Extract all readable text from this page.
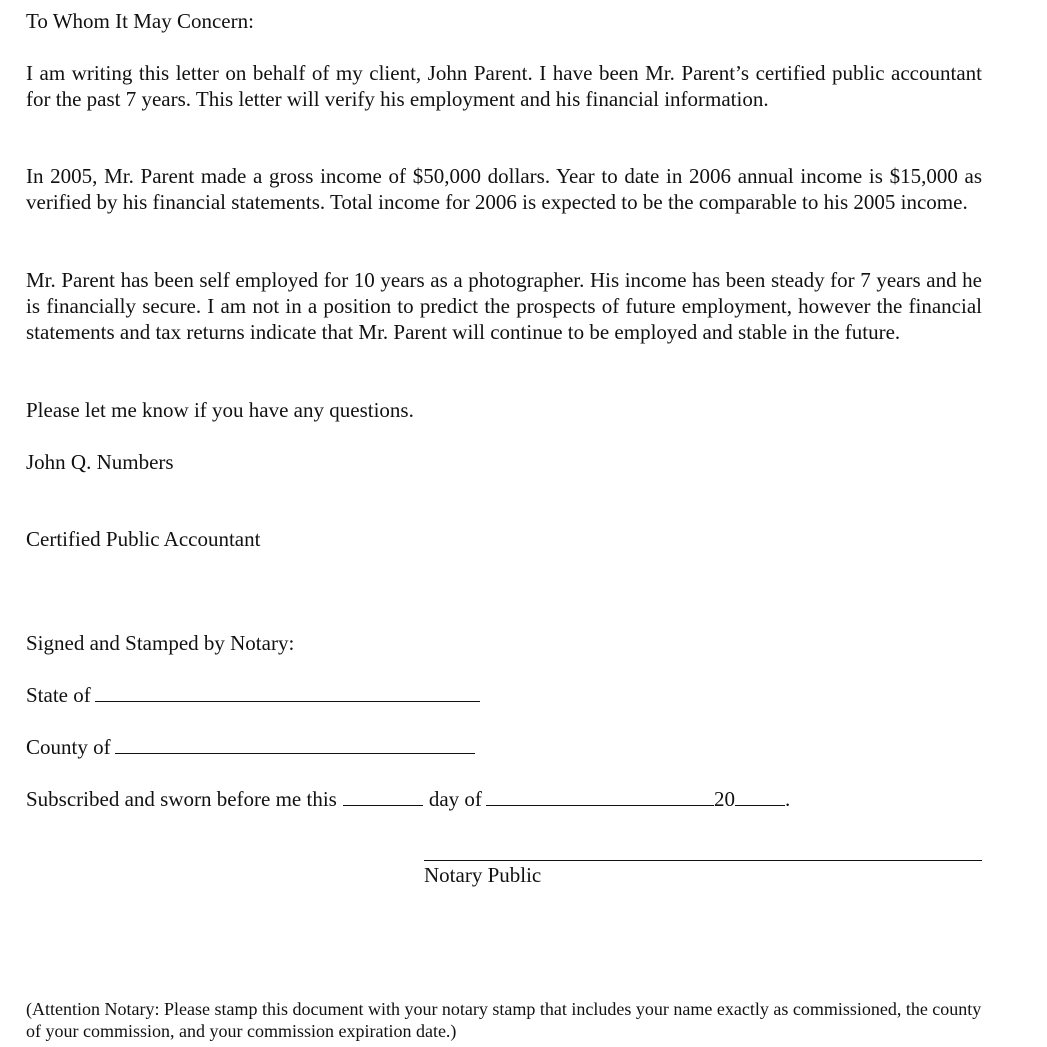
To Whom It May Concern:

I am writing this letter on behalf of my client, John Parent. I have been Mr. Parent’s certified public accountant for the past 7 years. This letter will verify his employment and his financial information.

In 2005, Mr. Parent made a gross income of $50,000 dollars. Year to date in 2006 annual income is $15,000 as verified by his financial statements. Total income for 2006 is expected to be the comparable to his 2005 income.

Mr. Parent has been self employed for 10 years as a photographer. His income has been steady for 7 years and he is financially secure. I am not in a position to predict the prospects of future employment, however the financial statements and tax returns indicate that Mr. Parent will continue to be employed and stable in the future.

Please let me know if you have any questions.

John Q. Numbers

Certified Public Accountant

Signed and Stamped by Notary:

State of

County of

Subscribed and sworn before me this	day of	20 .

Notary Public

(Attention Notary: Please stamp this document with your notary stamp that includes your name exactly as commissioned, the county of your commission, and your commission expiration date.)
